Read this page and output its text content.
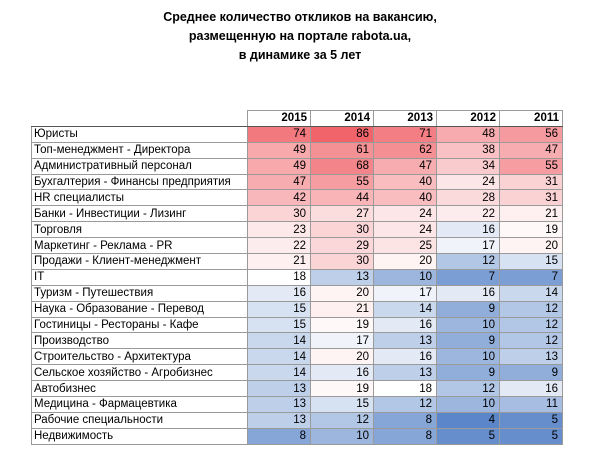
Среднее количество откликов на вакансию,
размещенную на портале rabota.ua,
в динамике за 5 лет
	2015	2014	2013	2012	2011
Юристы	74	86	71	48	56
Топ-менеджмент - Директора	49	61	62	38	47
Административный персонал	49	68	47	34	55
Бухгалтерия - Финансы предприятия	47	55	40	24	31
HR специалисты	42	44	40	28	31
Банки - Инвестиции - Лизинг	30	27	24	22	21
Торговля	23	30	24	16	19
Маркетинг - Реклама - PR	22	29	25	17	20
Продажи - Клиент-менеджмент	21	30	20	12	15
IT	18	13	10	7	7
Туризм - Путешествия	16	20	17	16	14
Наука - Образование - Перевод	15	21	14	9	12
Гостиницы - Рестораны - Кафе	15	19	16	10	12
Производство	14	17	13	9	12
Строительство - Архитектура	14	20	16	10	13
Сельское хозяйство - Агробизнес	14	16	13	9	9
Автобизнес	13	19	18	12	16
Медицина - Фармацевтика	13	15	12	10	11
Рабочие специальности	13	12	8	4	5
Недвижимость	8	10	8	5	5
